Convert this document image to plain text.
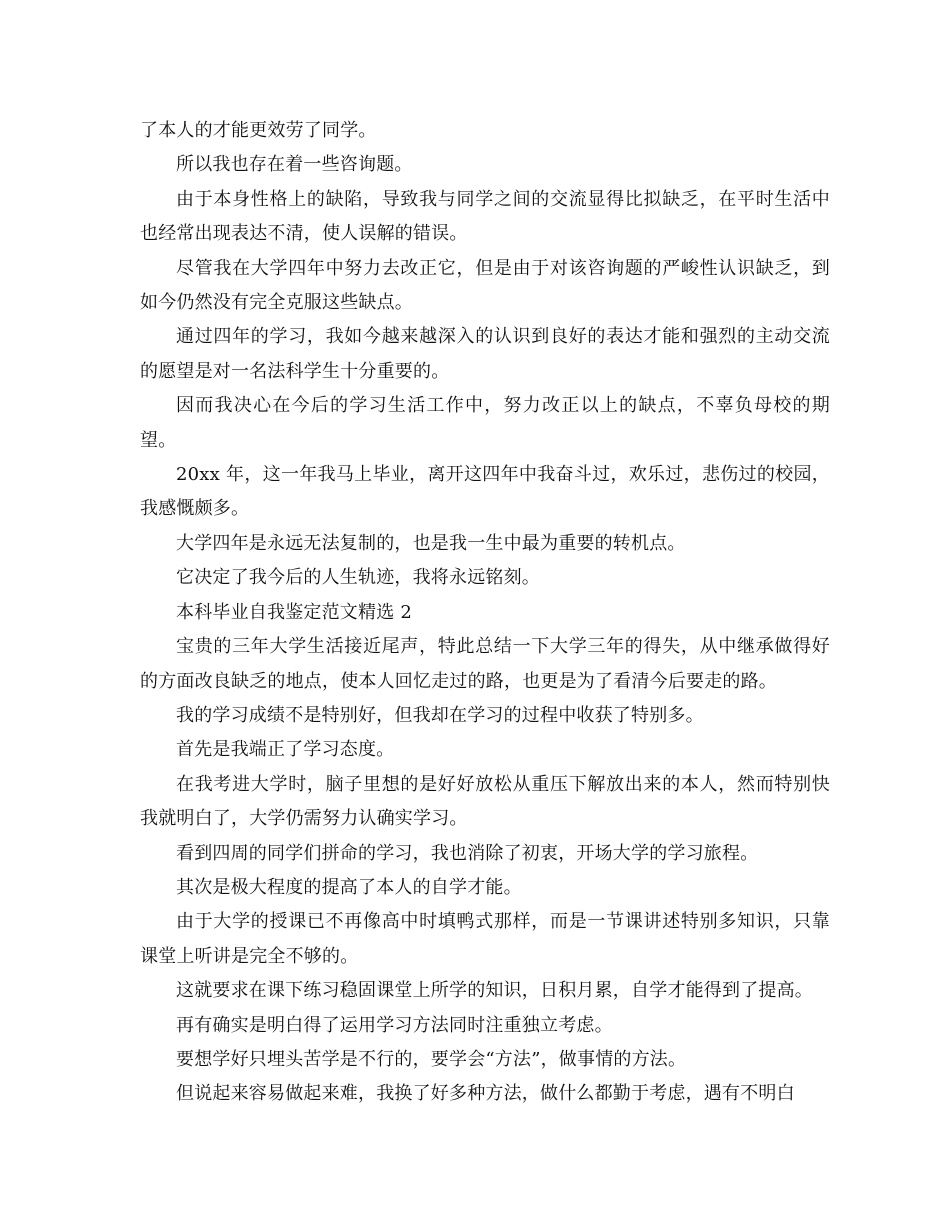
了本人的才能更效劳了同学。

所以我也存在着一些咨询题。

由于本身性格上的缺陷，导致我与同学之间的交流显得比拟缺乏，在平时生活中也经常出现表达不清，使人误解的错误。

尽管我在大学四年中努力去改正它，但是由于对该咨询题的严峻性认识缺乏，到如今仍然没有完全克服这些缺点。

通过四年的学习，我如今越来越深入的认识到良好的表达才能和强烈的主动交流的愿望是对一名法科学生十分重要的。

因而我决心在今后的学习生活工作中，努力改正以上的缺点，不辜负母校的期望。

20xx 年，这一年我马上毕业，离开这四年中我奋斗过，欢乐过，悲伤过的校园，我感慨颇多。

大学四年是永远无法复制的，也是我一生中最为重要的转机点。

它决定了我今后的人生轨迹，我将永远铭刻。

本科毕业自我鉴定范文精选 2

宝贵的三年大学生活接近尾声，特此总结一下大学三年的得失，从中继承做得好的方面改良缺乏的地点，使本人回忆走过的路，也更是为了看清今后要走的路。

我的学习成绩不是特别好，但我却在学习的过程中收获了特别多。

首先是我端正了学习态度。

在我考进大学时，脑子里想的是好好放松从重压下解放出来的本人，然而特别快我就明白了，大学仍需努力认确实学习。

看到四周的同学们拼命的学习，我也消除了初衷，开场大学的学习旅程。

其次是极大程度的提高了本人的自学才能。

由于大学的授课已不再像高中时填鸭式那样，而是一节课讲述特别多知识，只靠课堂上听讲是完全不够的。

这就要求在课下练习稳固课堂上所学的知识，日积月累，自学才能得到了提高。

再有确实是明白得了运用学习方法同时注重独立考虑。

要想学好只埋头苦学是不行的，要学会“方法”，做事情的方法。

但说起来容易做起来难，我换了好多种方法，做什么都勤于考虑，遇有不明白
